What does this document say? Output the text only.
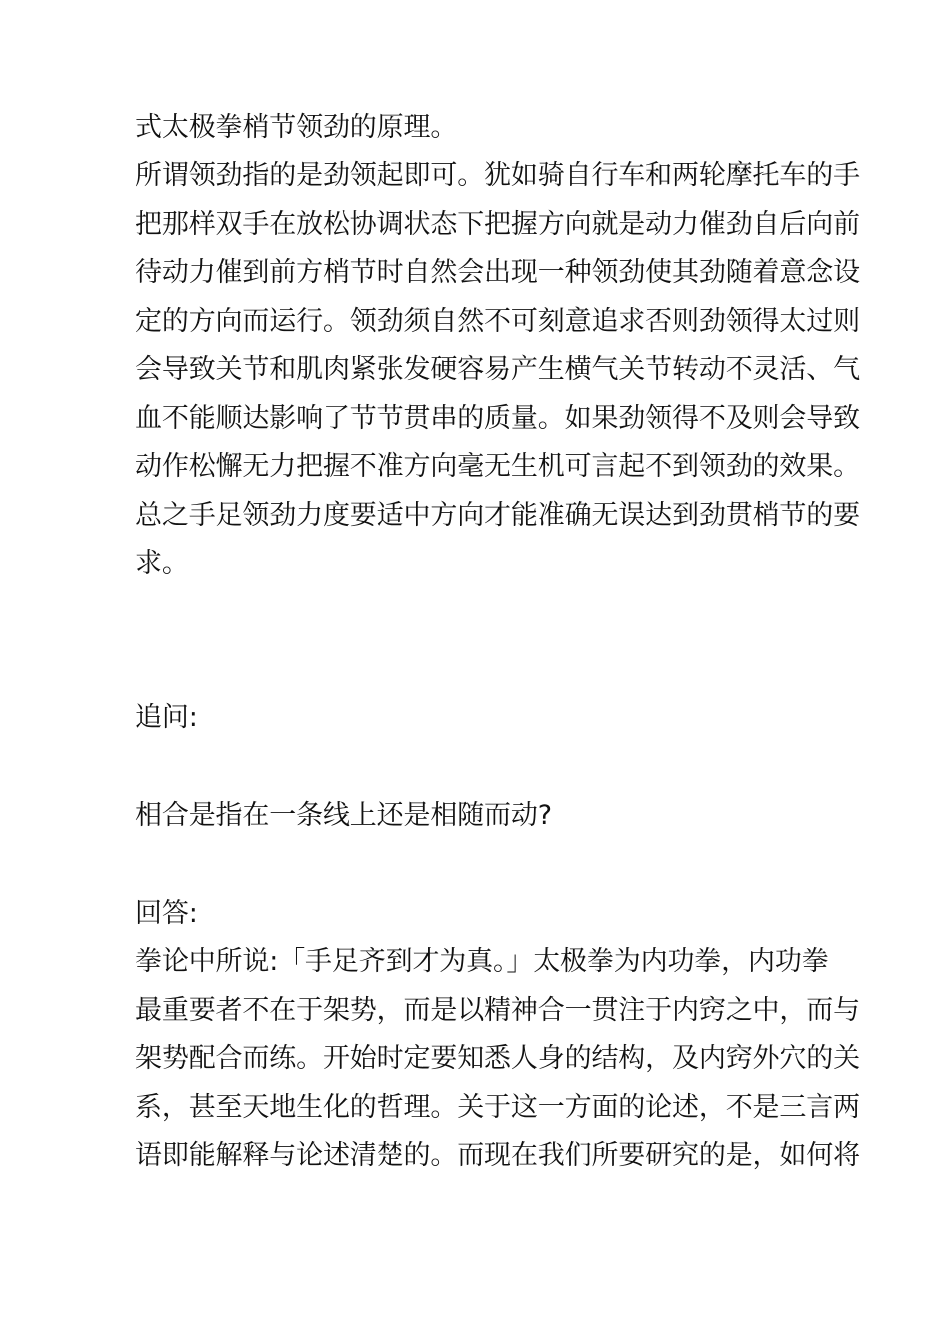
式太极拳梢节领劲的原理。

所谓领劲指的是劲领起即可。犹如骑自行车和两轮摩托车的手
把那样双手在放松协调状态下把握方向就是动力催劲自后向前
待动力催到前方梢节时自然会出现一种领劲使其劲随着意念设
定的方向而运行。领劲须自然不可刻意追求否则劲领得太过则
会导致关节和肌肉紧张发硬容易产生横气关节转动不灵活、气
血不能顺达影响了节节贯串的质量。如果劲领得不及则会导致
动作松懈无力把握不准方向毫无生机可言起不到领劲的效果。
总之手足领劲力度要适中方向才能准确无误达到劲贯梢节的要
求。

追问:

相合是指在一条线上还是相随而动?

回答:

拳论中所说:「手足齐到才为真。」太极拳为内功拳，内功拳
最重要者不在于架势，而是以精神合一贯注于内窍之中，而与
架势配合而练。开始时定要知悉人身的结构，及内窍外穴的关
系，甚至天地生化的哲理。关于这一方面的论述，不是三言两
语即能解释与论述清楚的。而现在我们所要研究的是，如何将
